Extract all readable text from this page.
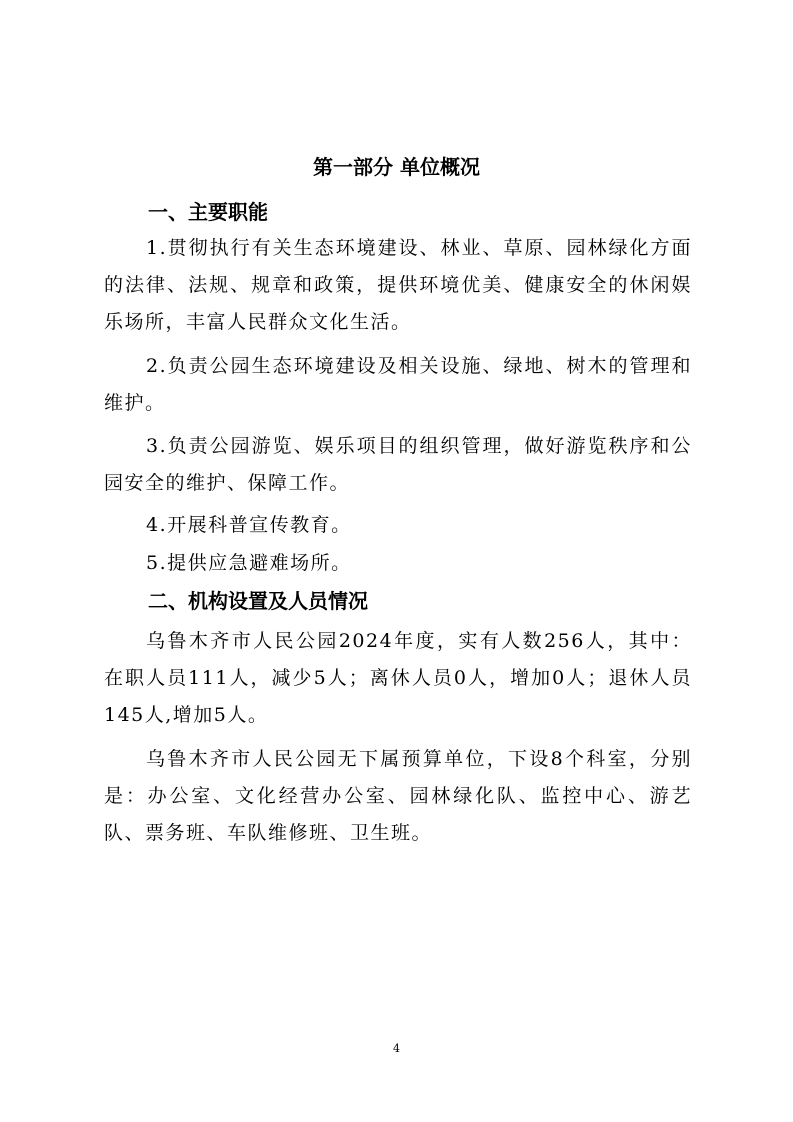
第一部分 单位概况
一、主要职能
1.贯彻执行有关生态环境建设、林业、草原、园林绿化方面的法律、法规、规章和政策，提供环境优美、健康安全的休闲娱乐场所，丰富人民群众文化生活。
2.负责公园生态环境建设及相关设施、绿地、树木的管理和维护。
3.负责公园游览、娱乐项目的组织管理，做好游览秩序和公园安全的维护、保障工作。
4.开展科普宣传教育。
5.提供应急避难场所。
二、机构设置及人员情况
乌鲁木齐市人民公园2024年度，实有人数256人，其中：在职人员111人，减少5人；离休人员0人，增加0人；退休人员145人,增加5人。
乌鲁木齐市人民公园无下属预算单位，下设8个科室，分别是：办公室、文化经营办公室、园林绿化队、监控中心、游艺队、票务班、车队维修班、卫生班。
4
